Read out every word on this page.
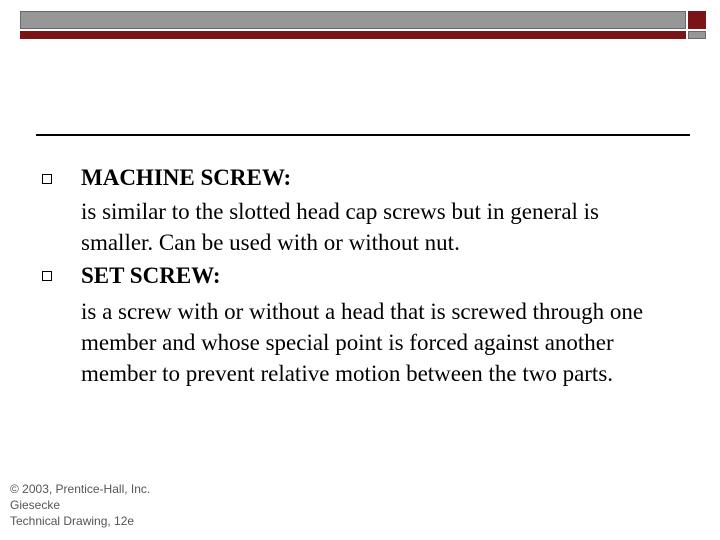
MACHINE SCREW:
is similar to the slotted head cap screws but in general is smaller. Can be used with or without nut.
SET SCREW:
is a screw with or without a head that is screwed through one member and whose special point is forced against another member to prevent relative motion between the two parts.
© 2003, Prentice-Hall, Inc.
Giesecke
Technical Drawing, 12e
